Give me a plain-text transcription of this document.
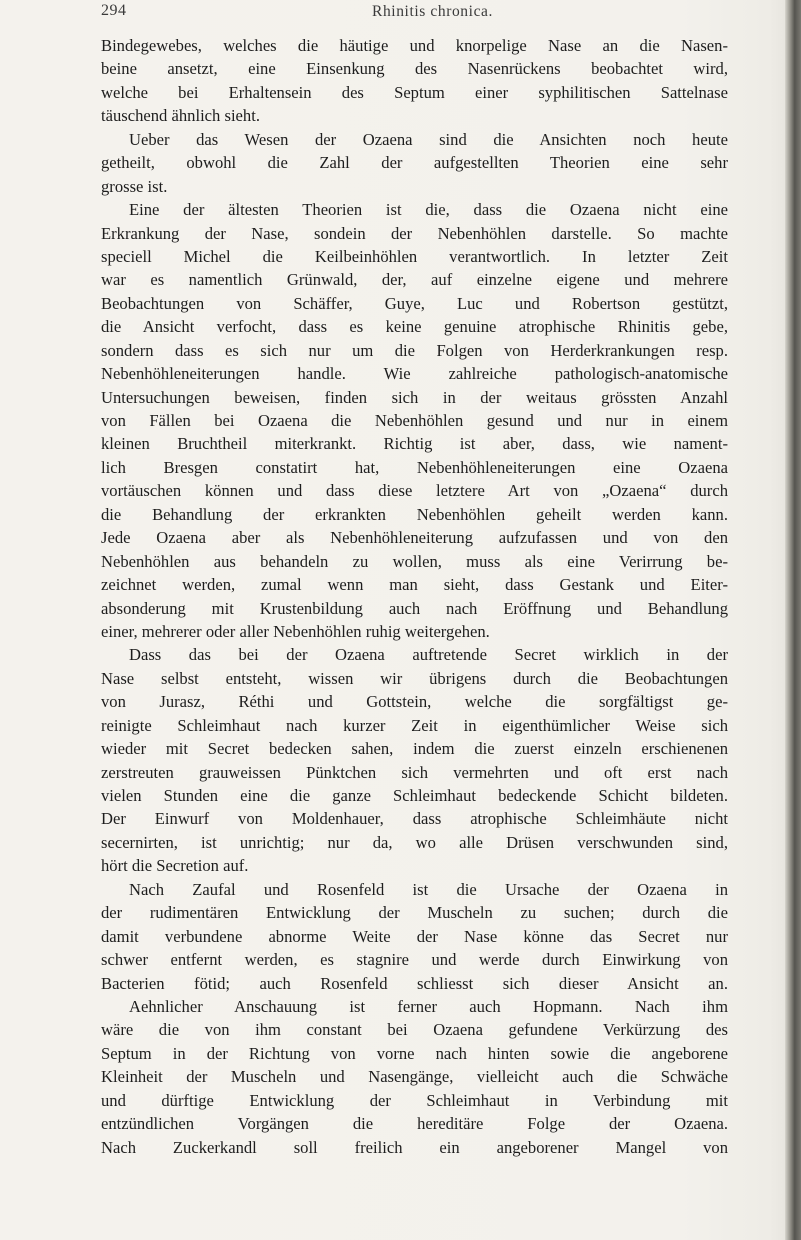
294	Rhinitis chronica.
Bindegewebes, welches die häutige und knorpelige Nase an die Nasen-
beine ansetzt, eine Einsenkung des Nasenrückens beobachtet wird,
welche bei Erhaltensein des Septum einer syphilitischen Sattelnase
täuschend ähnlich sieht.
Ueber das Wesen der Ozaena sind die Ansichten noch heute
getheilt, obwohl die Zahl der aufgestellten Theorien eine sehr
grosse ist.
Eine der ältesten Theorien ist die, dass die Ozaena nicht eine
Erkrankung der Nase, sondein der Nebenhöhlen darstelle. So machte
speciell Michel die Keilbeinhöhlen verantwortlich. In letzter Zeit
war es namentlich Grünwald, der, auf einzelne eigene und mehrere
Beobachtungen von Schäffer, Guye, Luc und Robertson gestützt,
die Ansicht verfocht, dass es keine genuine atrophische Rhinitis gebe,
sondern dass es sich nur um die Folgen von Herderkrankungen resp.
Nebenhöhleneiterungen handle. Wie zahlreiche pathologisch-anatomische
Untersuchungen beweisen, finden sich in der weitaus grössten Anzahl
von Fällen bei Ozaena die Nebenhöhlen gesund und nur in einem
kleinen Bruchtheil miterkrankt. Richtig ist aber, dass, wie nament-
lich Bresgen constatirt hat, Nebenhöhleneiterungen eine Ozaena
vortäuschen können und dass diese letztere Art von „Ozaena“ durch
die Behandlung der erkrankten Nebenhöhlen geheilt werden kann.
Jede Ozaena aber als Nebenhöhleneiterung aufzufassen und von den
Nebenhöhlen aus behandeln zu wollen, muss als eine Verirrung be-
zeichnet werden, zumal wenn man sieht, dass Gestank und Eiter-
absonderung mit Krustenbildung auch nach Eröffnung und Behandlung
einer, mehrerer oder aller Nebenhöhlen ruhig weitergehen.
Dass das bei der Ozaena auftretende Secret wirklich in der
Nase selbst entsteht, wissen wir übrigens durch die Beobachtungen
von Jurasz, Réthi und Gottstein, welche die sorgfältigst ge-
reinigte Schleimhaut nach kurzer Zeit in eigenthümlicher Weise sich
wieder mit Secret bedecken sahen, indem die zuerst einzeln erschienenen
zerstreuten grauweissen Pünktchen sich vermehrten und oft erst nach
vielen Stunden eine die ganze Schleimhaut bedeckende Schicht bildeten.
Der Einwurf von Moldenhauer, dass atrophische Schleimhäute nicht
secernirten, ist unrichtig; nur da, wo alle Drüsen verschwunden sind,
hört die Secretion auf.
Nach Zaufal und Rosenfeld ist die Ursache der Ozaena in
der rudimentären Entwicklung der Muscheln zu suchen; durch die
damit verbundene abnorme Weite der Nase könne das Secret nur
schwer entfernt werden, es stagnire und werde durch Einwirkung von
Bacterien fötid; auch Rosenfeld schliesst sich dieser Ansicht an.
Aehnlicher Anschauung ist ferner auch Hopmann. Nach ihm
wäre die von ihm constant bei Ozaena gefundene Verkürzung des
Septum in der Richtung von vorne nach hinten sowie die angeborene
Kleinheit der Muscheln und Nasengänge, vielleicht auch die Schwäche
und dürftige Entwicklung der Schleimhaut in Verbindung mit
entzündlichen Vorgängen die hereditäre Folge der Ozaena.
Nach Zuckerkandl soll freilich ein angeborener Mangel von
